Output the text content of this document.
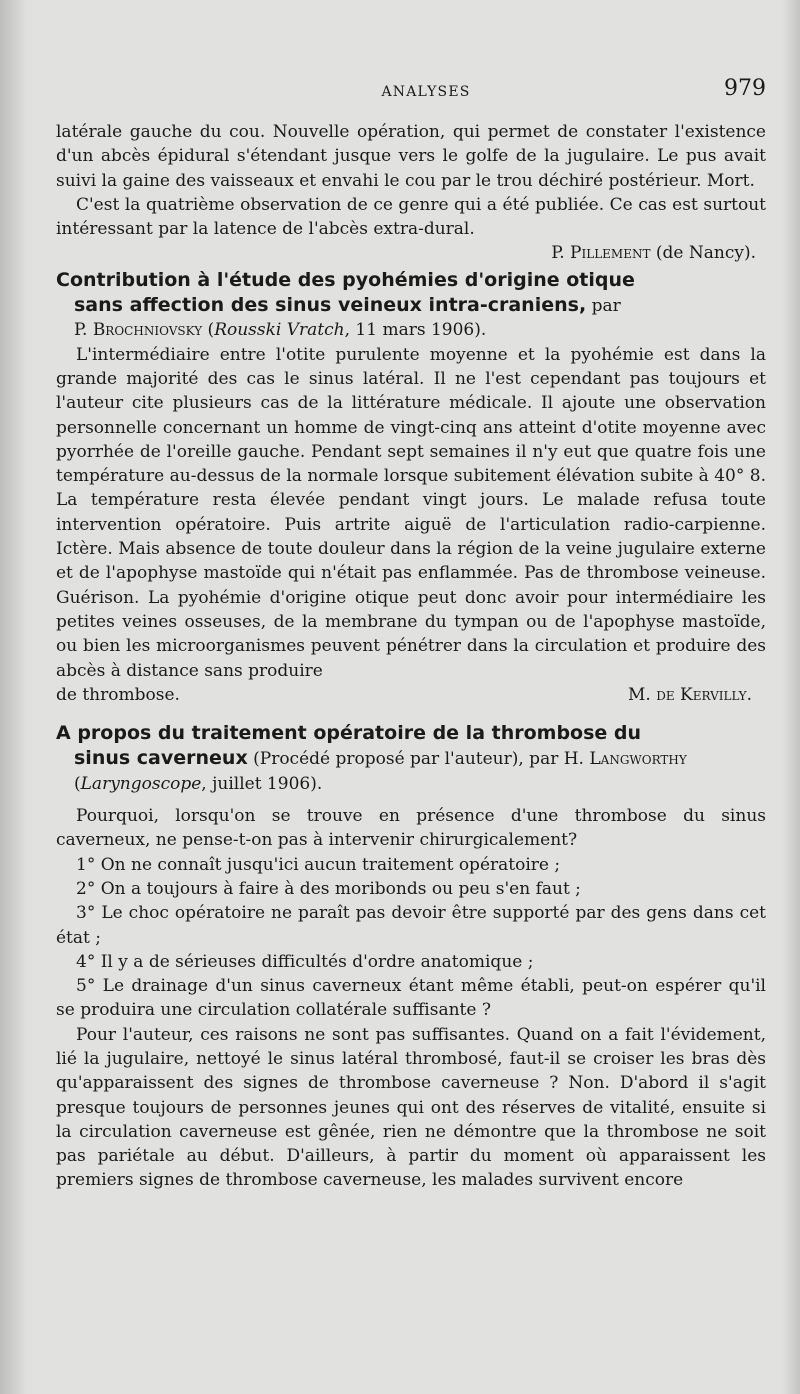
ANALYSES	979

latérale gauche du cou. Nouvelle opération, qui permet de constater l'existence d'un abcès épidural s'étendant jusque vers le golfe de la jugulaire. Le pus avait suivi la gaine des vaisseaux et envahi le cou par le trou déchiré postérieur. Mort.

C'est la quatrième observation de ce genre qui a été publiée. Ce cas est surtout intéressant par la latence de l'abcès extra-dural.

P. Pillement (de Nancy).
Contribution à l'étude des pyohémies d'origine otique
sans affection des sinus veineux intra-craniens, par
P. Brochniovsky (Rousski Vratch, 11 mars 1906).

L'intermédiaire entre l'otite purulente moyenne et la pyohémie est dans la grande majorité des cas le sinus latéral. Il ne l'est cependant pas toujours et l'auteur cite plusieurs cas de la littérature médicale. Il ajoute une observation personnelle concernant un homme de vingt-cinq ans atteint d'otite moyenne avec pyorrhée de l'oreille gauche. Pendant sept semaines il n'y eut que quatre fois une température au-dessus de la normale lorsque subitement élévation subite à 40° 8. La température resta élevée pendant vingt jours. Le malade refusa toute intervention opératoire. Puis artrite aiguë de l'articulation radio-carpienne. Ictère. Mais absence de toute douleur dans la région de la veine jugulaire externe et de l'apophyse mastoïde qui n'était pas enflammée. Pas de thrombose veineuse. Guérison. La pyohémie d'origine otique peut donc avoir pour intermédiaire les petites veines osseuses, de la membrane du tympan ou de l'apophyse mastoïde, ou bien les microorganismes peuvent pénétrer dans la circulation et produire des abcès à distance sans produire

de thrombose.	M. de Kervilly.
A propos du traitement opératoire de la thrombose du
sinus caverneux (Procédé proposé par l'auteur), par H. Langworthy (Laryngoscope, juillet 1906).

Pourquoi, lorsqu'on se trouve en présence d'une thrombose du sinus caverneux, ne pense-t-on pas à intervenir chirurgicalement?

1° On ne connaît jusqu'ici aucun traitement opératoire ;

2° On a toujours à faire à des moribonds ou peu s'en faut ;

3° Le choc opératoire ne paraît pas devoir être supporté par des gens dans cet état ;

4° Il y a de sérieuses difficultés d'ordre anatomique ;

5° Le drainage d'un sinus caverneux étant même établi, peut-on espérer qu'il se produira une circulation collatérale suffisante ?

Pour l'auteur, ces raisons ne sont pas suffisantes. Quand on a fait l'évidement, lié la jugulaire, nettoyé le sinus latéral thrombosé, faut-il se croiser les bras dès qu'apparaissent des signes de thrombose caverneuse ? Non. D'abord il s'agit presque toujours de personnes jeunes qui ont des réserves de vitalité, ensuite si la circulation caverneuse est gênée, rien ne démontre que la thrombose ne soit pas pariétale au début. D'ailleurs, à partir du moment où apparaissent les premiers signes de thrombose caverneuse, les malades survivent encore
